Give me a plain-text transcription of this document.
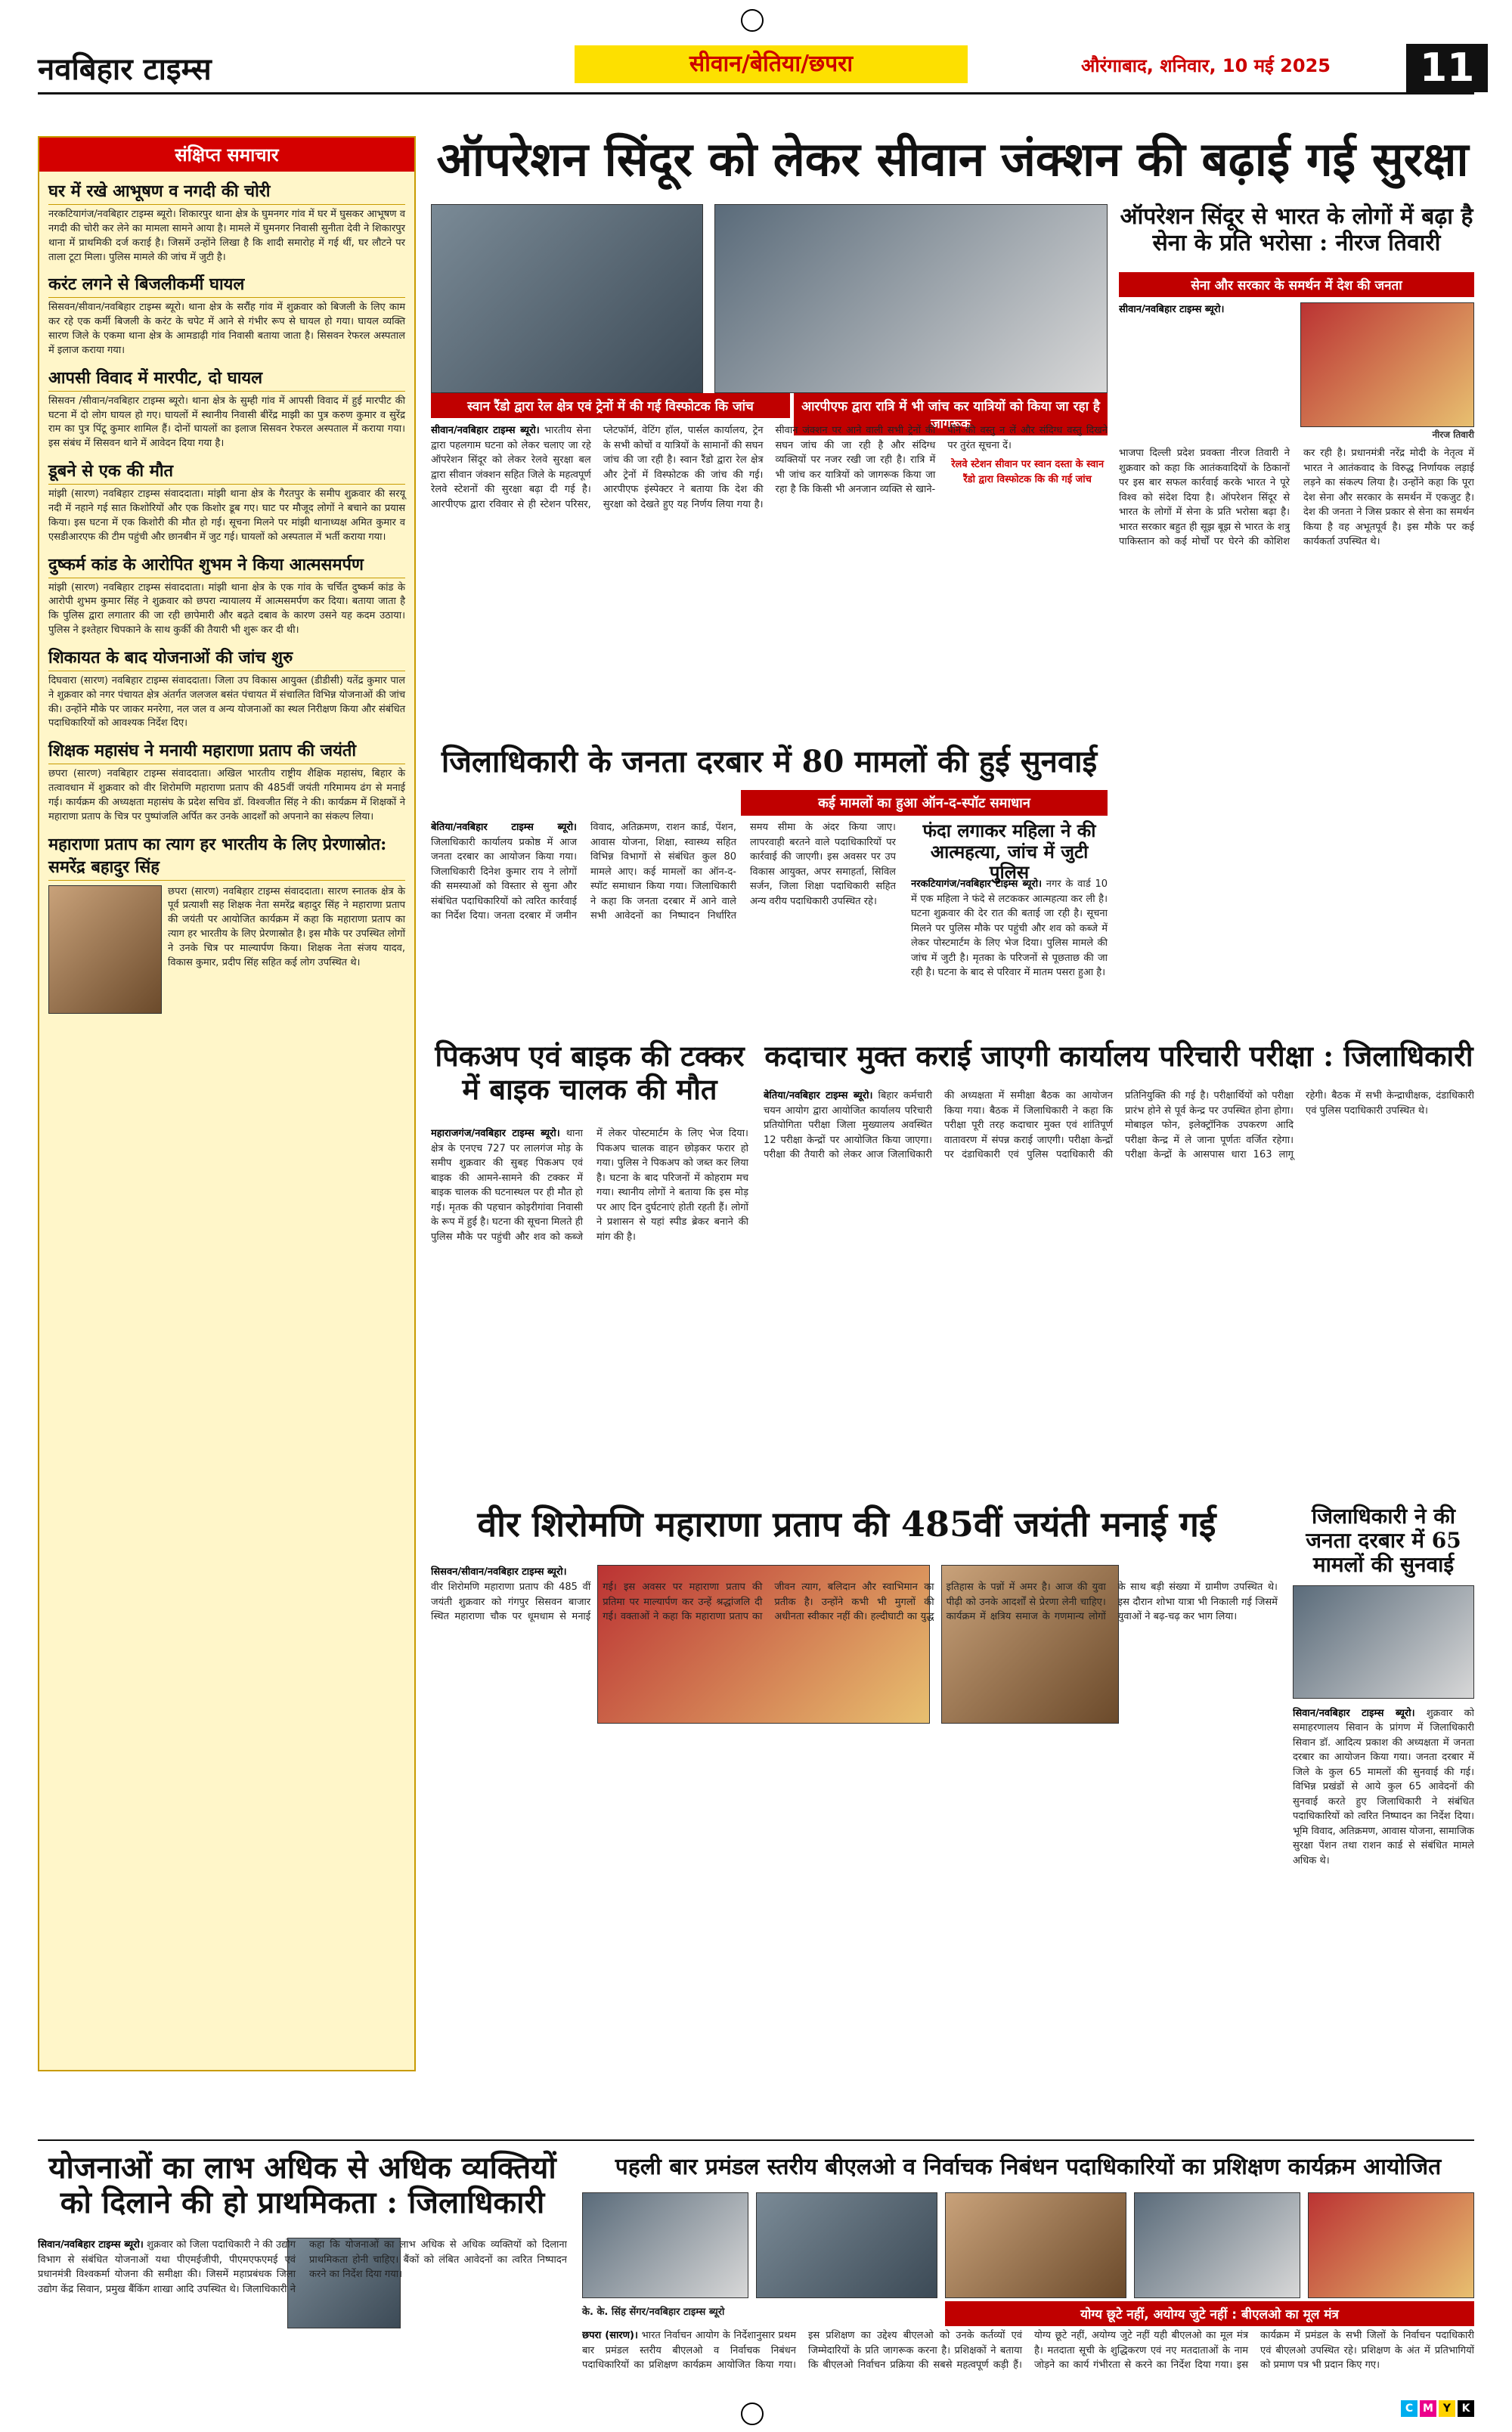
नवबिहार टाइम्स	सीवान/बेतिया/छपरा	औरंगाबाद, शनिवार, 10 मई 2025	11
संक्षिप्त समाचार
घर में रखे आभूषण व नगदी की चोरी
नरकटियागंज/नवबिहार टाइम्स ब्यूरो। शिकारपुर थाना क्षेत्र के घुमनगर गांव में घर में घुसकर आभूषण व नगदी की चोरी कर लेने का मामला सामने आया है। मामले में घुमनगर निवासी सुनीता देवी ने शिकारपुर थाना में प्राथमिकी दर्ज कराई है। जिसमें उन्होंने लिखा है कि शादी समारोह में गई थीं, घर लौटने पर ताला टूटा मिला। पुलिस मामले की जांच में जुटी है।
करंट लगने से बिजलीकर्मी घायल
सिसवन/सीवान/नवबिहार टाइम्स ब्यूरो। थाना क्षेत्र के सरौंह गांव में शुक्रवार को बिजली के लिए काम कर रहे एक कर्मी बिजली के करंट के चपेट में आने से गंभीर रूप से घायल हो गया। घायल व्यक्ति सारण जिले के एकमा थाना क्षेत्र के आमडाढ़ी गांव निवासी बताया जाता है। सिसवन रेफरल अस्पताल में इलाज कराया गया।
आपसी विवाद में मारपीट, दो घायल
सिसवन /सीवान/नवबिहार टाइम्स ब्यूरो। थाना क्षेत्र के सुम्ही गांव में आपसी विवाद में हुई मारपीट की घटना में दो लोग घायल हो गए। घायलों में स्थानीय निवासी बीरेंद्र माझी का पुत्र करुण कुमार व सुरेंद्र राम का पुत्र पिंटू कुमार शामिल हैं। दोनों घायलों का इलाज सिसवन रेफरल अस्पताल में कराया गया। इस संबंध में सिसवन थाने में आवेदन दिया गया है।
डूबने से एक की मौत
मांझी (सारण) नवबिहार टाइम्स संवाददाता। मांझी थाना क्षेत्र के गैरतपुर के समीप शुक्रवार की सरयू नदी में नहाने गई सात किशोरियों और एक किशोर डूब गए। घाट पर मौजूद लोगों ने बचाने का प्रयास किया। इस घटना में एक किशोरी की मौत हो गई। सूचना मिलने पर मांझी थानाध्यक्ष अमित कुमार व एसडीआरएफ की टीम पहुंची और छानबीन में जुट गई। घायलों को अस्पताल में भर्ती कराया गया।
दुष्कर्म कांड के आरोपित शुभम ने किया आत्मसमर्पण
मांझी (सारण) नवबिहार टाइम्स संवाददाता। मांझी थाना क्षेत्र के एक गांव के चर्चित दुष्कर्म कांड के आरोपी शुभम कुमार सिंह ने शुक्रवार को छपरा न्यायालय में आत्मसमर्पण कर दिया। बताया जाता है कि पुलिस द्वारा लगातार की जा रही छापेमारी और बढ़ते दबाव के कारण उसने यह कदम उठाया। पुलिस ने इश्तेहार चिपकाने के साथ कुर्की की तैयारी भी शुरू कर दी थी।
शिकायत के बाद योजनाओं की जांच शुरु
दिघवारा (सारण) नवबिहार टाइम्स संवाददाता। जिला उप विकास आयुक्त (डीडीसी) यतेंद्र कुमार पाल ने शुक्रवार को नगर पंचायत क्षेत्र अंतर्गत जलजल बसंत पंचायत में संचालित विभिन्न योजनाओं की जांच की। उन्होंने मौके पर जाकर मनरेगा, नल जल व अन्य योजनाओं का स्थल निरीक्षण किया और संबंधित पदाधिकारियों को आवश्यक निर्देश दिए।
शिक्षक महासंघ ने मनायी महाराणा प्रताप की जयंती
छपरा (सारण) नवबिहार टाइम्स संवाददाता। अखिल भारतीय राष्ट्रीय शैक्षिक महासंघ, बिहार के तत्वावधान में शुक्रवार को वीर शिरोमणि महाराणा प्रताप की 485वीं जयंती गरिमामय ढंग से मनाई गई। कार्यक्रम की अध्यक्षता महासंघ के प्रदेश सचिव डॉ. विश्वजीत सिंह ने की। कार्यक्रम में शिक्षकों ने महाराणा प्रताप के चित्र पर पुष्पांजलि अर्पित कर उनके आदर्शों को अपनाने का संकल्प लिया।
महाराणा प्रताप का त्याग हर भारतीय के लिए प्रेरणास्रोत: समरेंद्र बहादुर सिंह
छपरा (सारण) नवबिहार टाइम्स संवाददाता। सारण स्नातक क्षेत्र के पूर्व प्रत्याशी सह शिक्षक नेता समरेंद्र बहादुर सिंह ने महाराणा प्रताप की जयंती पर आयोजित कार्यक्रम में कहा कि महाराणा प्रताप का त्याग हर भारतीय के लिए प्रेरणास्रोत है। इस मौके पर उपस्थित लोगों ने उनके चित्र पर माल्यार्पण किया। शिक्षक नेता संजय यादव, विकास कुमार, प्रदीप सिंह सहित कई लोग उपस्थित थे।
ऑपरेशन सिंदूर को लेकर सीवान जंक्शन की बढ़ाई गई सुरक्षा
स्वान रैंडो द्वारा रेल क्षेत्र एवं ट्रेनों में की गई विस्फोटक कि जांच	आरपीएफ द्वारा रात्रि में भी जांच कर यात्रियों को किया जा रहा है जागरूक
सीवान/नवबिहार टाइम्स ब्यूरो। भारतीय सेना द्वारा पहलगाम घटना को लेकर चलाए जा रहे ऑपरेशन सिंदूर को लेकर रेलवे सुरक्षा बल द्वारा सीवान जंक्शन सहित जिले के महत्वपूर्ण रेलवे स्टेशनों की सुरक्षा बढ़ा दी गई है। आरपीएफ द्वारा रविवार से ही स्टेशन परिसर, प्लेटफॉर्म, वेटिंग हॉल, पार्सल कार्यालय, ट्रेन के सभी कोचों व यात्रियों के सामानों की सघन जांच की जा रही है। स्वान रैंडो द्वारा रेल क्षेत्र और ट्रेनों में विस्फोटक की जांच की गई। आरपीएफ इंस्पेक्टर ने बताया कि देश की सुरक्षा को देखते हुए यह निर्णय लिया गया है। सीवान जंक्शन पर आने वाली सभी ट्रेनों की सघन जांच की जा रही है और संदिग्ध व्यक्तियों पर नजर रखी जा रही है। रात्रि में भी जांच कर यात्रियों को जागरूक किया जा रहा है कि किसी भी अनजान व्यक्ति से खाने-पीने की वस्तु न लें और संदिग्ध वस्तु दिखने पर तुरंत सूचना दें।
रेलवे स्टेशन सीवान पर स्वान दस्ता के स्वान रैंडो द्वारा विस्फोटक कि की गई जांच
ऑपरेशन सिंदूर से भारत के लोगों में बढ़ा है सेना के प्रति भरोसा : नीरज तिवारी
सेना और सरकार के समर्थन में देश की जनता
नीरज तिवारी
सीवान/नवबिहार टाइम्स ब्यूरो।
भाजपा दिल्ली प्रदेश प्रवक्ता नीरज तिवारी ने शुक्रवार को कहा कि आतंकवादियों के ठिकानों पर इस बार सफल कार्रवाई करके भारत ने पूरे विश्व को संदेश दिया है। ऑपरेशन सिंदूर से भारत के लोगों में सेना के प्रति भरोसा बढ़ा है। भारत सरकार बहुत ही सूझ बूझ से भारत के शत्रु पाकिस्तान को कई मोर्चों पर घेरने की कोशिश कर रही है। प्रधानमंत्री नरेंद्र मोदी के नेतृत्व में भारत ने आतंकवाद के विरुद्ध निर्णायक लड़ाई लड़ने का संकल्प लिया है। उन्होंने कहा कि पूरा देश सेना और सरकार के समर्थन में एकजुट है। देश की जनता ने जिस प्रकार से सेना का समर्थन किया है वह अभूतपूर्व है। इस मौके पर कई कार्यकर्ता उपस्थित थे।
जिलाधिकारी के जनता दरबार में 80 मामलों की हुई सुनवाई
कई मामलों का हुआ ऑन-द-स्पॉट समाधान
बेतिया/नवबिहार टाइम्स ब्यूरो। जिलाधिकारी कार्यालय प्रकोष्ठ में आज जनता दरबार का आयोजन किया गया। जिलाधिकारी दिनेश कुमार राय ने लोगों की समस्याओं को विस्तार से सुना और संबंधित पदाधिकारियों को त्वरित कार्रवाई का निर्देश दिया। जनता दरबार में जमीन विवाद, अतिक्रमण, राशन कार्ड, पेंशन, आवास योजना, शिक्षा, स्वास्थ्य सहित विभिन्न विभागों से संबंधित कुल 80 मामले आए। कई मामलों का ऑन-द-स्पॉट समाधान किया गया। जिलाधिकारी ने कहा कि जनता दरबार में आने वाले सभी आवेदनों का निष्पादन निर्धारित समय सीमा के अंदर किया जाए। लापरवाही बरतने वाले पदाधिकारियों पर कार्रवाई की जाएगी। इस अवसर पर उप विकास आयुक्त, अपर समाहर्ता, सिविल सर्जन, जिला शिक्षा पदाधिकारी सहित अन्य वरीय पदाधिकारी उपस्थित रहे।
फंदा लगाकर महिला ने की आत्महत्या, जांच में जुटी पुलिस
नरकटियागंज/नवबिहार टाइम्स ब्यूरो। नगर के वार्ड 10 में एक महिला ने फंदे से लटककर आत्महत्या कर ली है। घटना शुक्रवार की देर रात की बताई जा रही है। सूचना मिलने पर पुलिस मौके पर पहुंची और शव को कब्जे में लेकर पोस्टमार्टम के लिए भेज दिया। पुलिस मामले की जांच में जुटी है। मृतका के परिजनों से पूछताछ की जा रही है। घटना के बाद से परिवार में मातम पसरा हुआ है।
पिकअप एवं बाइक की टक्कर में बाइक चालक की मौत
महाराजगंज/नवबिहार टाइम्स ब्यूरो। थाना क्षेत्र के एनएच 727 पर लालगंज मोड़ के समीप शुक्रवार की सुबह पिकअप एवं बाइक की आमने-सामने की टक्कर में बाइक चालक की घटनास्थल पर ही मौत हो गई। मृतक की पहचान कोइरीगांवा निवासी के रूप में हुई है। घटना की सूचना मिलते ही पुलिस मौके पर पहुंची और शव को कब्जे में लेकर पोस्टमार्टम के लिए भेज दिया। पिकअप चालक वाहन छोड़कर फरार हो गया। पुलिस ने पिकअप को जब्त कर लिया है। घटना के बाद परिजनों में कोहराम मच गया। स्थानीय लोगों ने बताया कि इस मोड़ पर आए दिन दुर्घटनाएं होती रहती हैं। लोगों ने प्रशासन से यहां स्पीड ब्रेकर बनाने की मांग की है।
कदाचार मुक्त कराई जाएगी कार्यालय परिचारी परीक्षा : जिलाधिकारी
बेतिया/नवबिहार टाइम्स ब्यूरो। बिहार कर्मचारी चयन आयोग द्वारा आयोजित कार्यालय परिचारी प्रतियोगिता परीक्षा जिला मुख्यालय अवस्थित 12 परीक्षा केन्द्रों पर आयोजित किया जाएगा। परीक्षा की तैयारी को लेकर आज जिलाधिकारी की अध्यक्षता में समीक्षा बैठक का आयोजन किया गया। बैठक में जिलाधिकारी ने कहा कि परीक्षा पूरी तरह कदाचार मुक्त एवं शांतिपूर्ण वातावरण में संपन्न कराई जाएगी। परीक्षा केन्द्रों पर दंडाधिकारी एवं पुलिस पदाधिकारी की प्रतिनियुक्ति की गई है। परीक्षार्थियों को परीक्षा प्रारंभ होने से पूर्व केन्द्र पर उपस्थित होना होगा। मोबाइल फोन, इलेक्ट्रॉनिक उपकरण आदि परीक्षा केन्द्र में ले जाना पूर्णतः वर्जित रहेगा। परीक्षा केन्द्रों के आसपास धारा 163 लागू रहेगी। बैठक में सभी केन्द्राधीक्षक, दंडाधिकारी एवं पुलिस पदाधिकारी उपस्थित थे।
वीर शिरोमणि महाराणा प्रताप की 485वीं जयंती मनाई गई
सिसवन/सीवान/नवबिहार टाइम्स ब्यूरो।
वीर शिरोमणि महाराणा प्रताप की 485 वीं जयंती शुक्रवार को गंगपुर सिसवन बाजार स्थित महाराणा चौक पर धूमधाम से मनाई गई। इस अवसर पर महाराणा प्रताप की प्रतिमा पर माल्यार्पण कर उन्हें श्रद्धांजलि दी गई। वक्ताओं ने कहा कि महाराणा प्रताप का जीवन त्याग, बलिदान और स्वाभिमान का प्रतीक है। उन्होंने कभी भी मुगलों की अधीनता स्वीकार नहीं की। हल्दीघाटी का युद्ध इतिहास के पन्नों में अमर है। आज की युवा पीढ़ी को उनके आदर्शों से प्रेरणा लेनी चाहिए। कार्यक्रम में क्षत्रिय समाज के गणमान्य लोगों के साथ बड़ी संख्या में ग्रामीण उपस्थित थे। इस दौरान शोभा यात्रा भी निकाली गई जिसमें युवाओं ने बढ़-चढ़ कर भाग लिया।
जिलाधिकारी ने की जनता दरबार में 65 मामलों की सुनवाई
सिवान/नवबिहार टाइम्स ब्यूरो। शुक्रवार को समाहरणालय सिवान के प्रांगण में जिलाधिकारी सिवान डॉ. आदित्य प्रकाश की अध्यक्षता में जनता दरबार का आयोजन किया गया। जनता दरबार में जिले के कुल 65 मामलों की सुनवाई की गई। विभिन्न प्रखंडों से आये कुल 65 आवेदनों की सुनवाई करते हुए जिलाधिकारी ने संबंधित पदाधिकारियों को त्वरित निष्पादन का निर्देश दिया। भूमि विवाद, अतिक्रमण, आवास योजना, सामाजिक सुरक्षा पेंशन तथा राशन कार्ड से संबंधित मामले अधिक थे।
योजनाओं का लाभ अधिक से अधिक व्यक्तियों को दिलाने की हो प्राथमिकता : जिलाधिकारी
सिवान/नवबिहार टाइम्स ब्यूरो। शुक्रवार को जिला पदाधिकारी ने की उद्योग विभाग से संबंधित योजनाओं यथा पीएमईजीपी, पीएमएफएमई एवं प्रधानमंत्री विश्वकर्मा योजना की समीक्षा की। जिसमें महाप्रबंधक जिला उद्योग केंद्र सिवान, प्रमुख बैंकिंग शाखा आदि उपस्थित थे। जिलाधिकारी ने कहा कि योजनाओं का लाभ अधिक से अधिक व्यक्तियों को दिलाना प्राथमिकता होनी चाहिए। बैंकों को लंबित आवेदनों का त्वरित निष्पादन करने का निर्देश दिया गया।
पहली बार प्रमंडल स्तरीय बीएलओ व निर्वाचक निबंधन पदाधिकारियों का प्रशिक्षण कार्यक्रम आयोजित
के. के. सिंह सेंगर/नवबिहार टाइम्स ब्यूरो	योग्य छूटे नहीं, अयोग्य जुटे नहीं : बीएलओ का मूल मंत्र
छपरा (सारण)। भारत निर्वाचन आयोग के निर्देशानुसार प्रथम बार प्रमंडल स्तरीय बीएलओ व निर्वाचक निबंधन पदाधिकारियों का प्रशिक्षण कार्यक्रम आयोजित किया गया। इस प्रशिक्षण का उद्देश्य बीएलओ को उनके कर्तव्यों एवं जिम्मेदारियों के प्रति जागरूक करना है। प्रशिक्षकों ने बताया कि बीएलओ निर्वाचन प्रक्रिया की सबसे महत्वपूर्ण कड़ी हैं। योग्य छूटे नहीं, अयोग्य जुटे नहीं यही बीएलओ का मूल मंत्र है। मतदाता सूची के शुद्धिकरण एवं नए मतदाताओं के नाम जोड़ने का कार्य गंभीरता से करने का निर्देश दिया गया। इस कार्यक्रम में प्रमंडल के सभी जिलों के निर्वाचन पदाधिकारी एवं बीएलओ उपस्थित रहे। प्रशिक्षण के अंत में प्रतिभागियों को प्रमाण पत्र भी प्रदान किए गए।
C M Y	K
